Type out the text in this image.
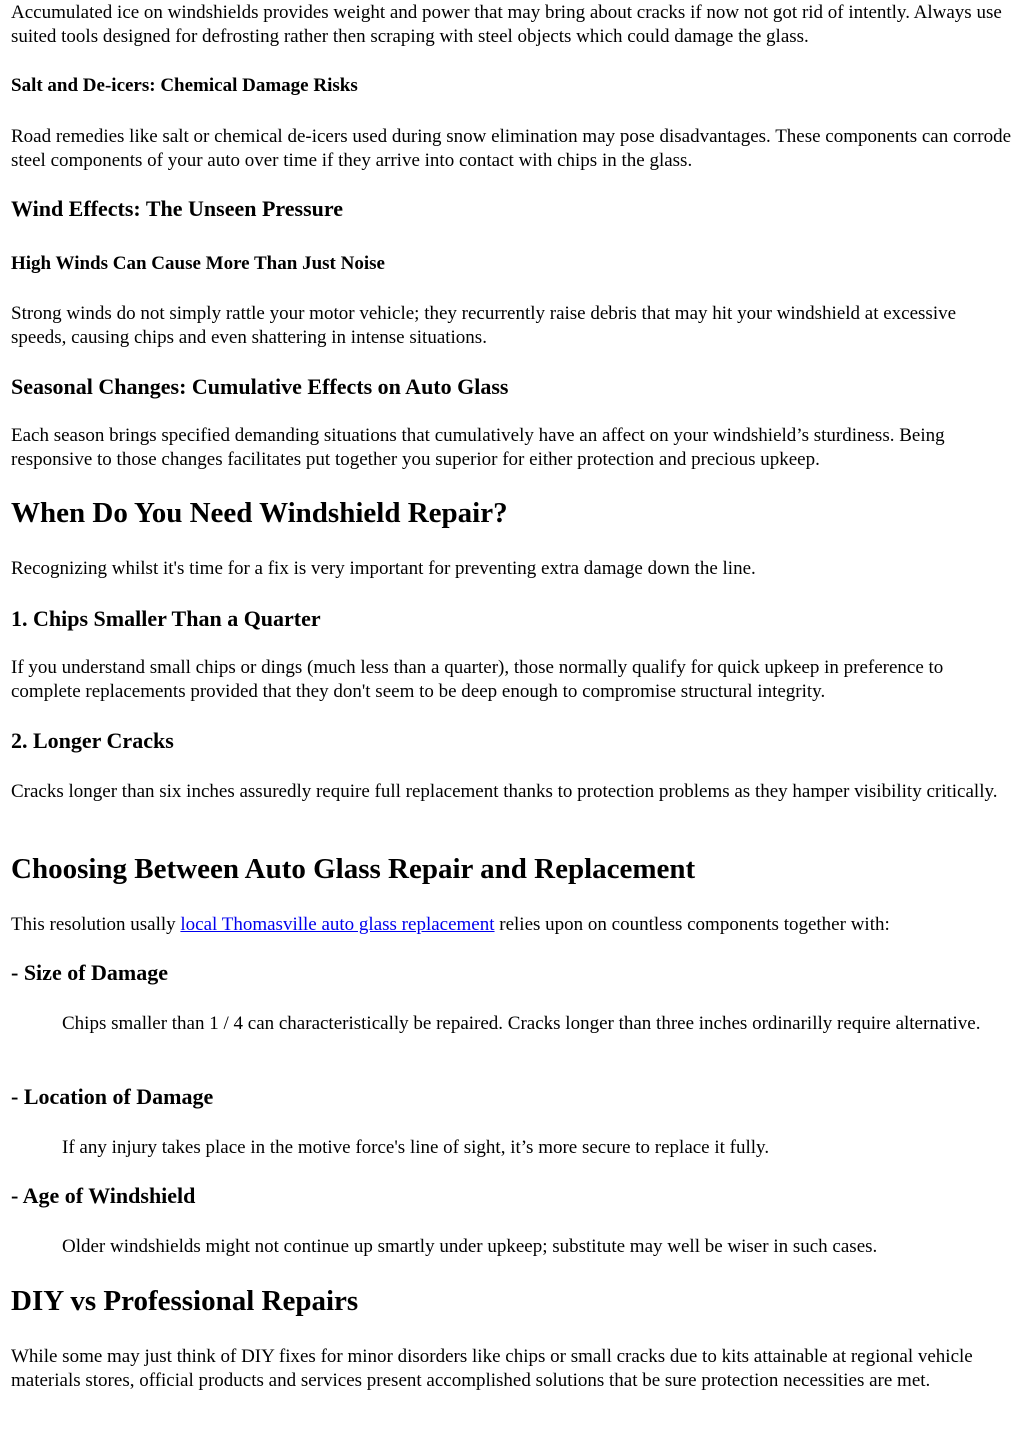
Accumulated ice on windshields provides weight and power that may bring about cracks if now not got rid of intently. Always use suited tools designed for defrosting rather then scraping with steel objects which could damage the glass.

Salt and De-icers: Chemical Damage Risks

Road remedies like salt or chemical de-icers used during snow elimination may pose disadvantages. These components can corrode steel components of your auto over time if they arrive into contact with chips in the glass.

Wind Effects: The Unseen Pressure
High Winds Can Cause More Than Just Noise

Strong winds do not simply rattle your motor vehicle; they recurrently raise debris that may hit your windshield at excessive speeds, causing chips and even shattering in intense situations.

Seasonal Changes: Cumulative Effects on Auto Glass

Each season brings specified demanding situations that cumulatively have an affect on your windshield’s sturdiness. Being responsive to those changes facilitates put together you superior for either protection and precious upkeep.

When Do You Need Windshield Repair?

Recognizing whilst it's time for a fix is very important for preventing extra damage down the line.

1. Chips Smaller Than a Quarter

If you understand small chips or dings (much less than a quarter), those normally qualify for quick upkeep in preference to complete replacements provided that they don't seem to be deep enough to compromise structural integrity.

2. Longer Cracks

Cracks longer than six inches assuredly require full replacement thanks to protection problems as they hamper visibility critically.

Choosing Between Auto Glass Repair and Replacement

This resolution usally local Thomasville auto glass replacement relies upon on countless components together with:

- Size of Damage

Chips smaller than 1 / 4 can characteristically be repaired. Cracks longer than three inches ordinarilly require alternative.

- Location of Damage

If any injury takes place in the motive force's line of sight, it’s more secure to replace it fully.

- Age of Windshield

Older windshields might not continue up smartly under upkeep; substitute may well be wiser in such cases.

DIY vs Professional Repairs

While some may just think of DIY fixes for minor disorders like chips or small cracks due to kits attainable at regional vehicle materials stores, official products and services present accomplished solutions that be sure protection necessities are met.
